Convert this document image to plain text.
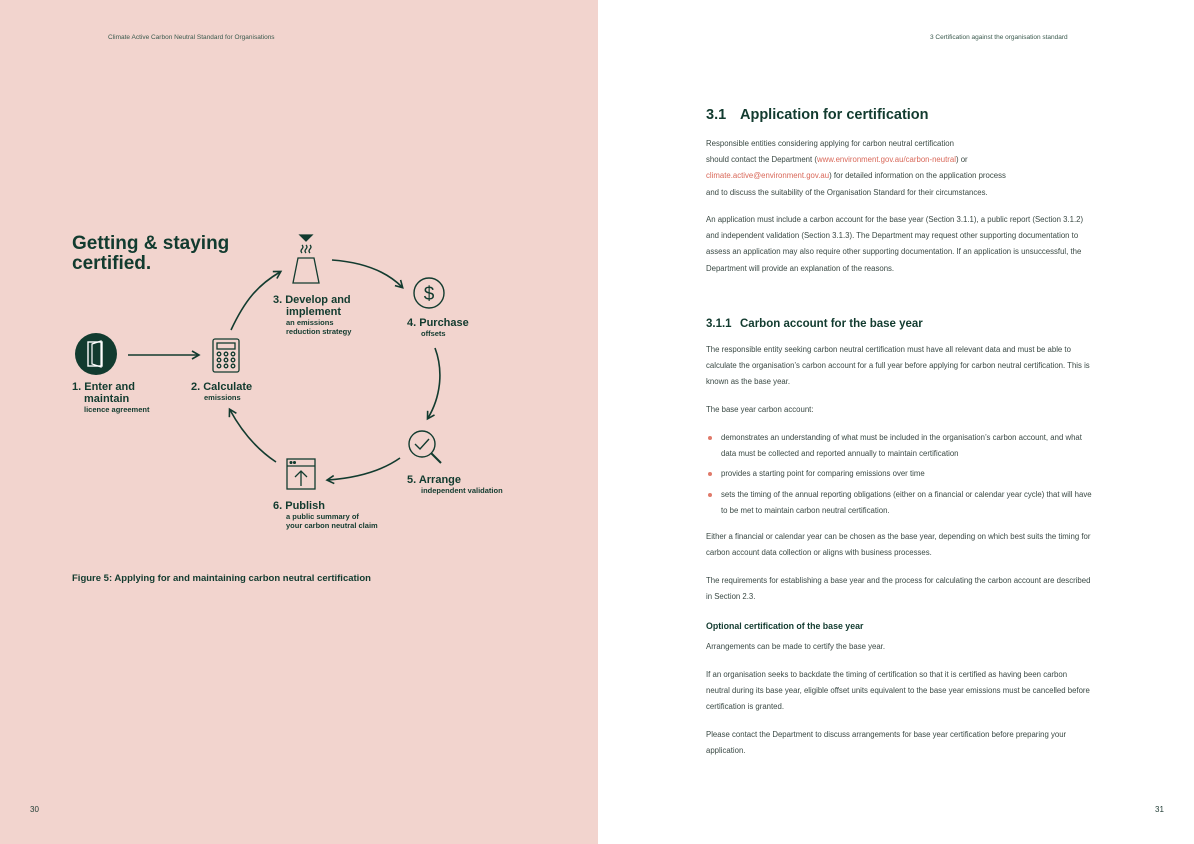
Climate Active Carbon Neutral Standard for Organisations
Getting & staying
certified.
$
1. Enter and
maintain
licence agreement
2. Calculate
emissions
3. Develop and
implement
an emissions
reduction strategy
4. Purchase
offsets
5. Arrange
independent validation
6. Publish
a public summary of
your carbon neutral claim
Figure 5: Applying for and maintaining carbon neutral certification
30
3 Certification against the organisation standard
31
3.1 Application for certification
Responsible entities considering applying for carbon neutral certification
should contact the Department (www.environment.gov.au/carbon-neutral) or
climate.active@environment.gov.au) for detailed information on the application process
and to discuss the suitability of the Organisation Standard for their circumstances.
An application must include a carbon account for the base year (Section 3.1.1), a public report (Section 3.1.2) and independent validation (Section 3.1.3). The Department may request other supporting documentation to assess an application may also require other supporting documentation. If an application is unsuccessful, the Department will provide an explanation of the reasons.
3.1.1 Carbon account for the base year
The responsible entity seeking carbon neutral certification must have all relevant data and must be able to calculate the organisation’s carbon account for a full year before applying for carbon neutral certification. This is known as the base year.
The base year carbon account:
demonstrates an understanding of what must be included in the organisation’s carbon account, and what data must be collected and reported annually to maintain certification
provides a starting point for comparing emissions over time
sets the timing of the annual reporting obligations (either on a financial or calendar year cycle) that will have to be met to maintain carbon neutral certification.
Either a financial or calendar year can be chosen as the base year, depending on which best suits the timing for carbon account data collection or aligns with business processes.
The requirements for establishing a base year and the process for calculating the carbon account are described in Section 2.3.
Optional certification of the base year
Arrangements can be made to certify the base year.
If an organisation seeks to backdate the timing of certification so that it is certified as having been carbon neutral during its base year, eligible offset units equivalent to the base year emissions must be cancelled before certification is granted.
Please contact the Department to discuss arrangements for base year certification before preparing your application.
